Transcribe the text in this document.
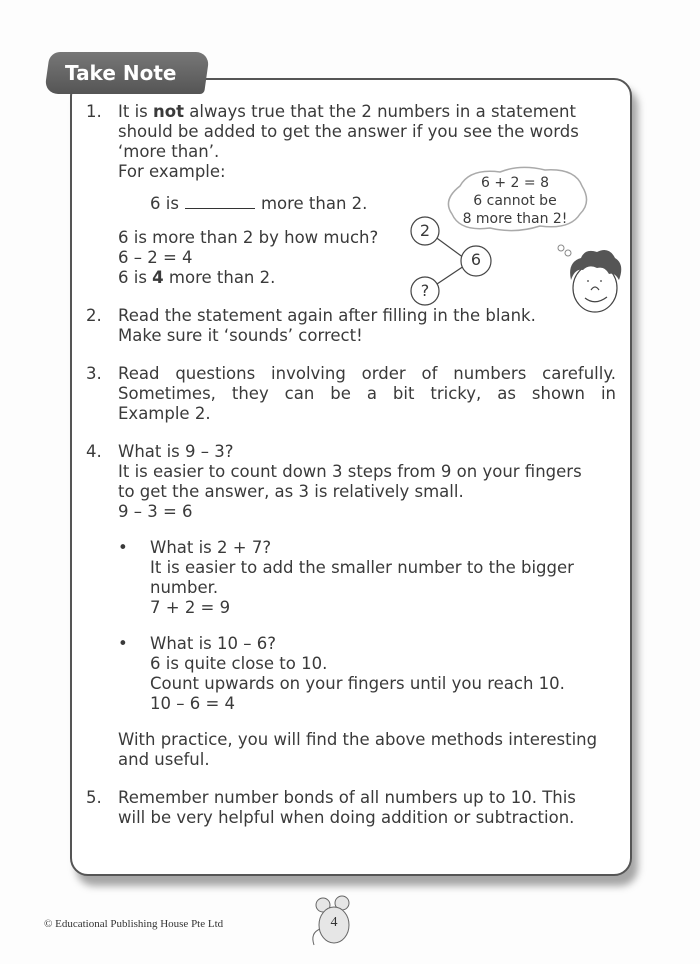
Take Note
1. It is not always true that the 2 numbers in a statement
should be added to get the answer if you see the words
‘more than’.
For example:
6 is	more than 2.
6 is more than 2 by how much?
6 – 2 = 4
6 is 4 more than 2.
2. Read the statement again after filling in the blank.
Make sure it ‘sounds’ correct!
3. Read questions involving order of numbers carefully.
Sometimes, they can be a bit tricky, as shown in
Example 2.
4. What is 9 – 3?
It is easier to count down 3 steps from 9 on your fingers
to get the answer, as 3 is relatively small.
9 – 3 = 6
• What is 2 + 7?
It is easier to add the smaller number to the bigger
number.
7 + 2 = 9
• What is 10 – 6?
6 is quite close to 10.
Count upwards on your fingers until you reach 10.
10 – 6 = 4
With practice, you will find the above methods interesting
and useful.
5. Remember number bonds of all numbers up to 10. This
will be very helpful when doing addition or subtraction.
6 + 2 = 8
6 cannot be
8 more than 2!
2
?
6
© Educational Publishing House Pte Ltd	4
